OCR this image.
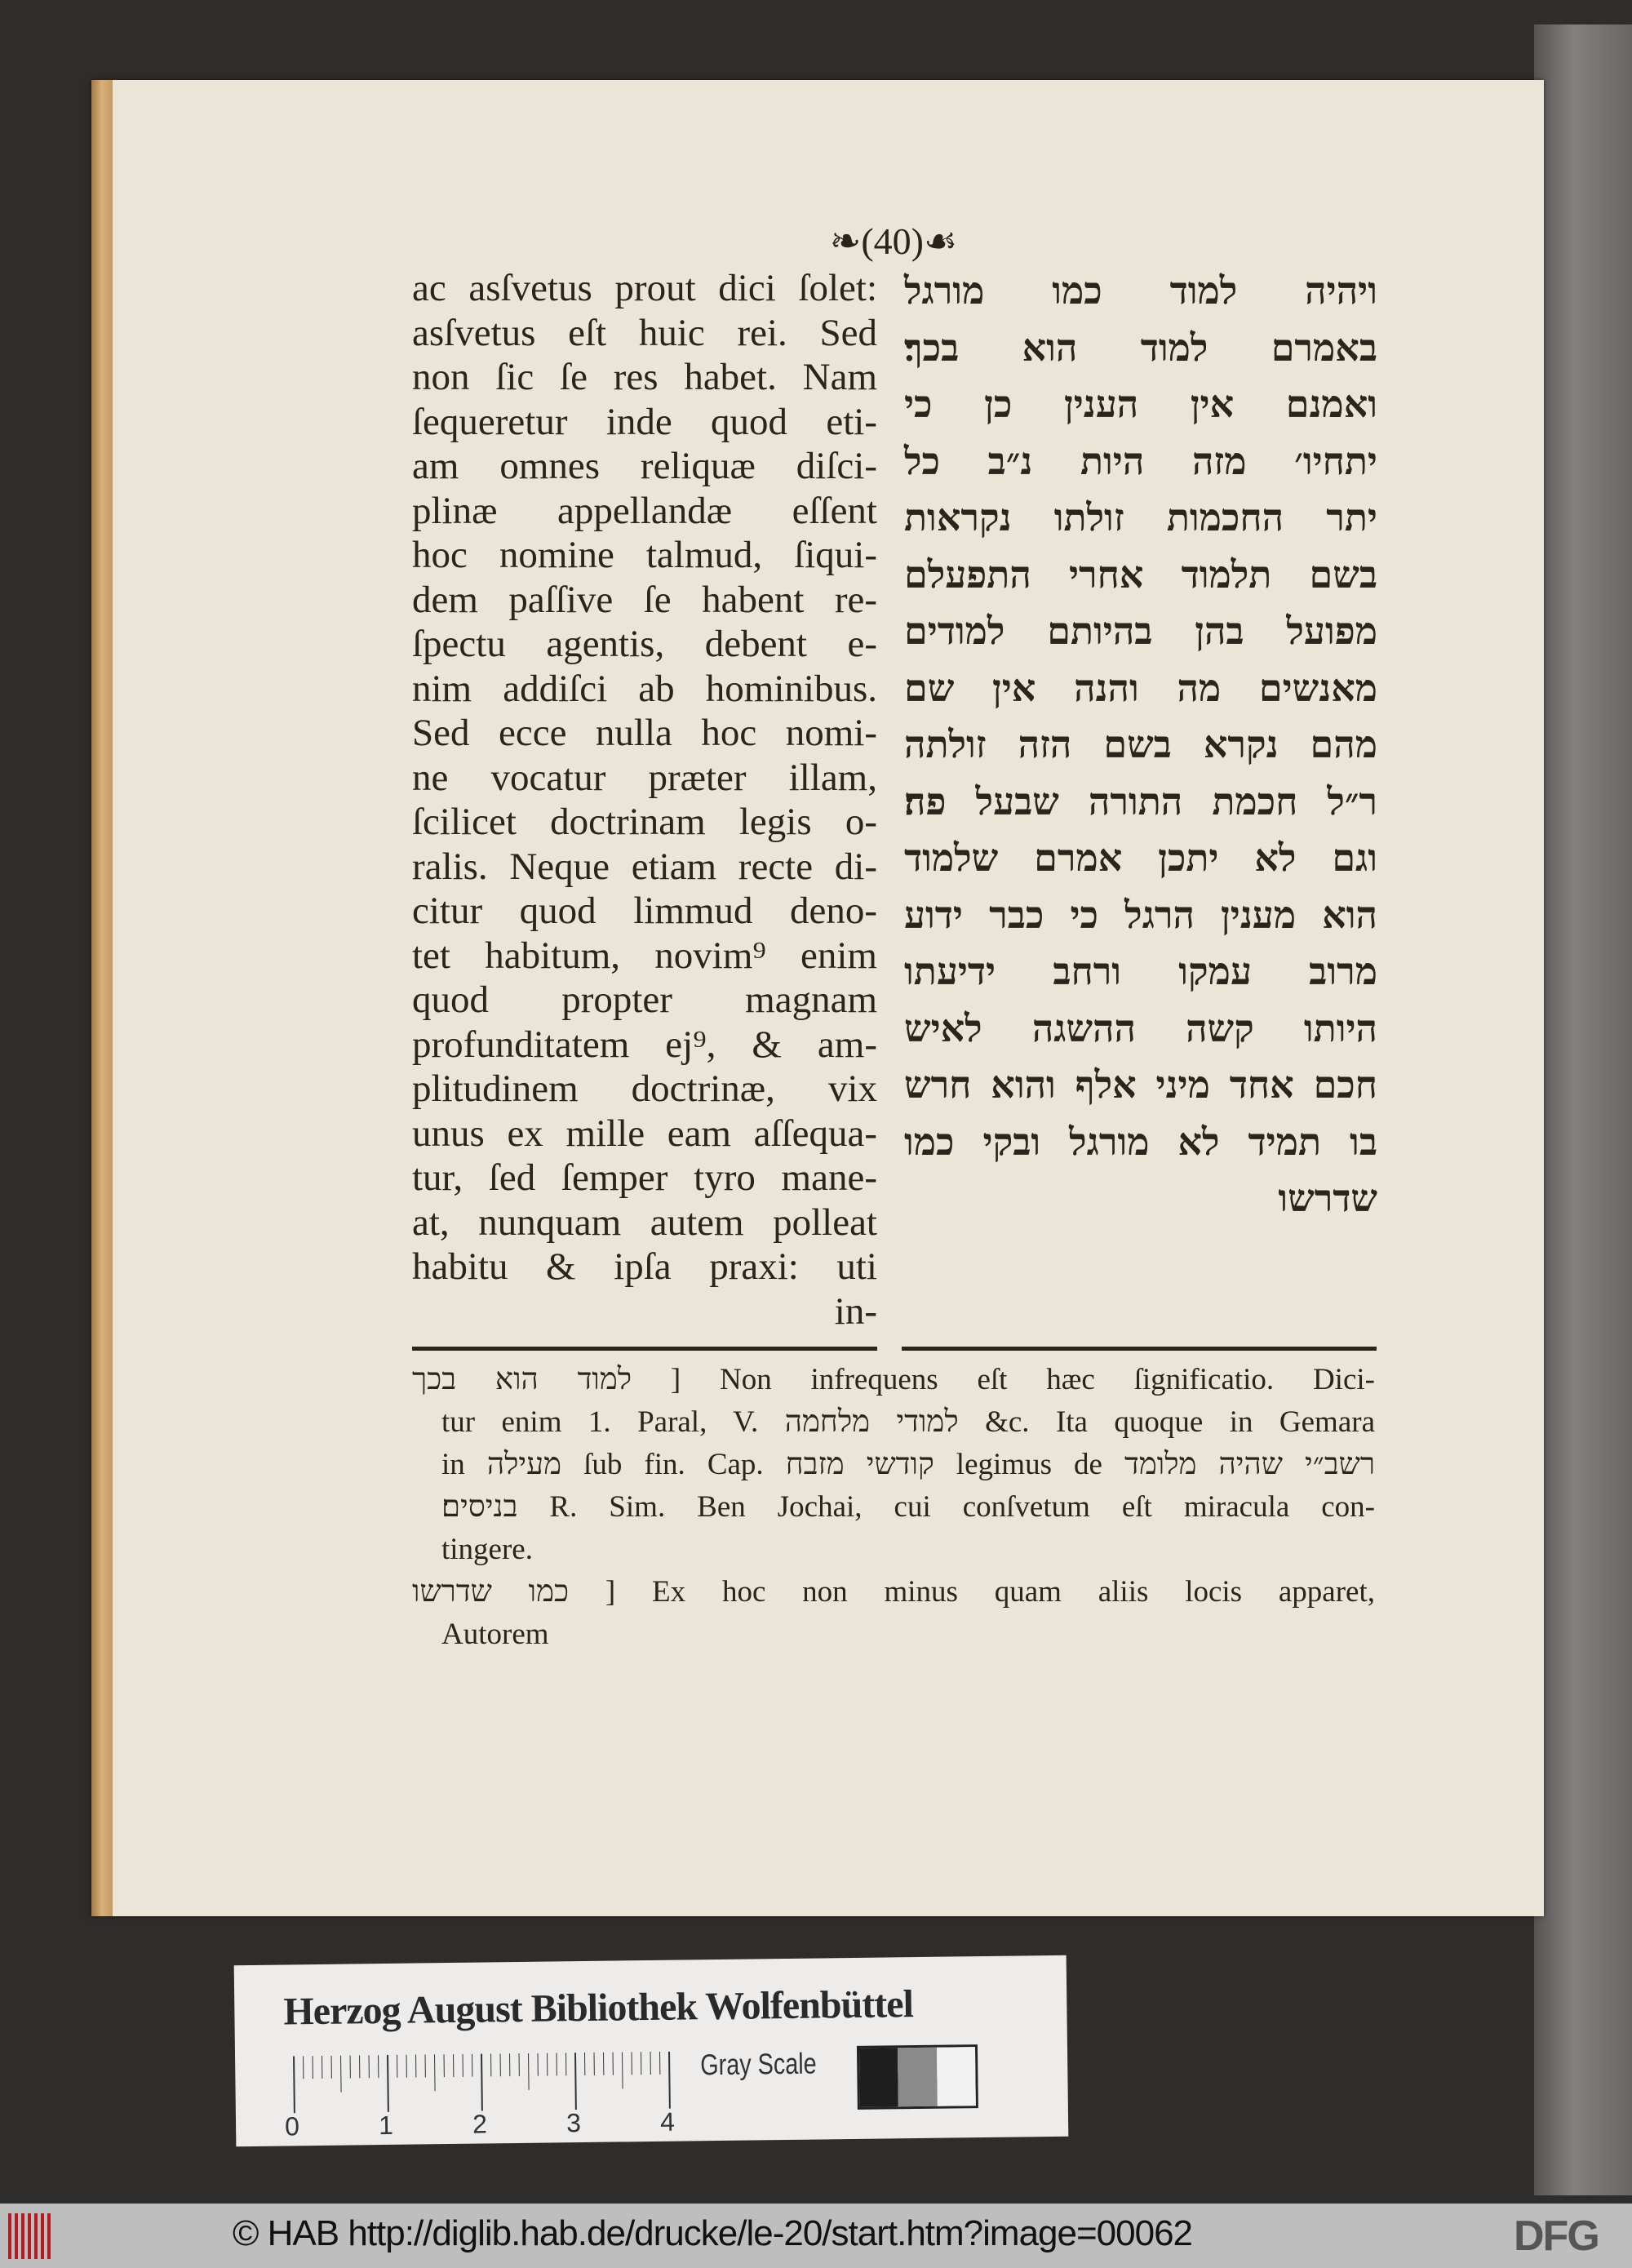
❧(40)☙
ac asſvetus prout dici ſolet:
asſvetus eſt huic rei. Sed
non ſic ſe res habet. Nam
ſequeretur inde quod eti-
am omnes reliquæ diſci-
plinæ appellandæ eſſent
hoc nomine talmud, ſiqui-
dem paſſive ſe habent re-
ſpectu agentis, debent e-
nim addiſci ab hominibus.
Sed ecce nulla hoc nomi-
ne vocatur præter illam,
ſcilicet doctrinam legis o-
ralis. Neque etiam recte di-
citur quod limmud deno-
tet habitum, novim⁹ enim
quod propter magnam
profunditatem ej⁹, & am-
plitudinem doctrinæ, vix
unus ex mille eam aſſequa-
tur, ſed ſemper tyro mane-
at, nunquam autem polleat
habitu & ipſa praxi: uti
in-
ויהיה למוד כמו מורגל
באמרם למוד הוא בכך׃
ואמנם אין הענין כן כי
יתחיו׳ מזה היות נ״ב כל
יתר החכמות זולתו נקראות
בשם תלמוד אחרי התפעלם
מפועל בהן בהיותם למודים
מאנשים מה והנה אין שם
מהם נקרא בשם הזה זולתה
ר״ל חכמת התורה שבעל פה׃
וגם לא יתכן אמרם שלמוד
הוא מענין הרגל כי כבר ידוע
מרוב עמקו ורחב ידיעתו
היותו קשה ההשגה לאיש
חכם אחד מיני אלף והוא חרש
בו תמיד לא מורגל ובקי כמו
שדרשו
למוד הוא בכך ] Non infrequens eſt hæc ſignificatio. Dici-
tur enim 1. Paral, V. למודי מלחמה &c. Ita quoque in Gemara
in מעילה ſub fin. Cap. קודשי מזבח legimus de רשב״י שהיה מלומד
בניסים׃ R. Sim. Ben Jochai, cui conſvetum eſt miracula con-
tingere.
כמו שדרשו ] Ex hoc non minus quam aliis locis apparet,
Autorem
Herzog August Bibliothek Wolfenbüttel
0	1	2	3	4
Gray Scale
© HAB http://diglib.hab.de/drucke/le-20/start.htm?image=00062	DFG
